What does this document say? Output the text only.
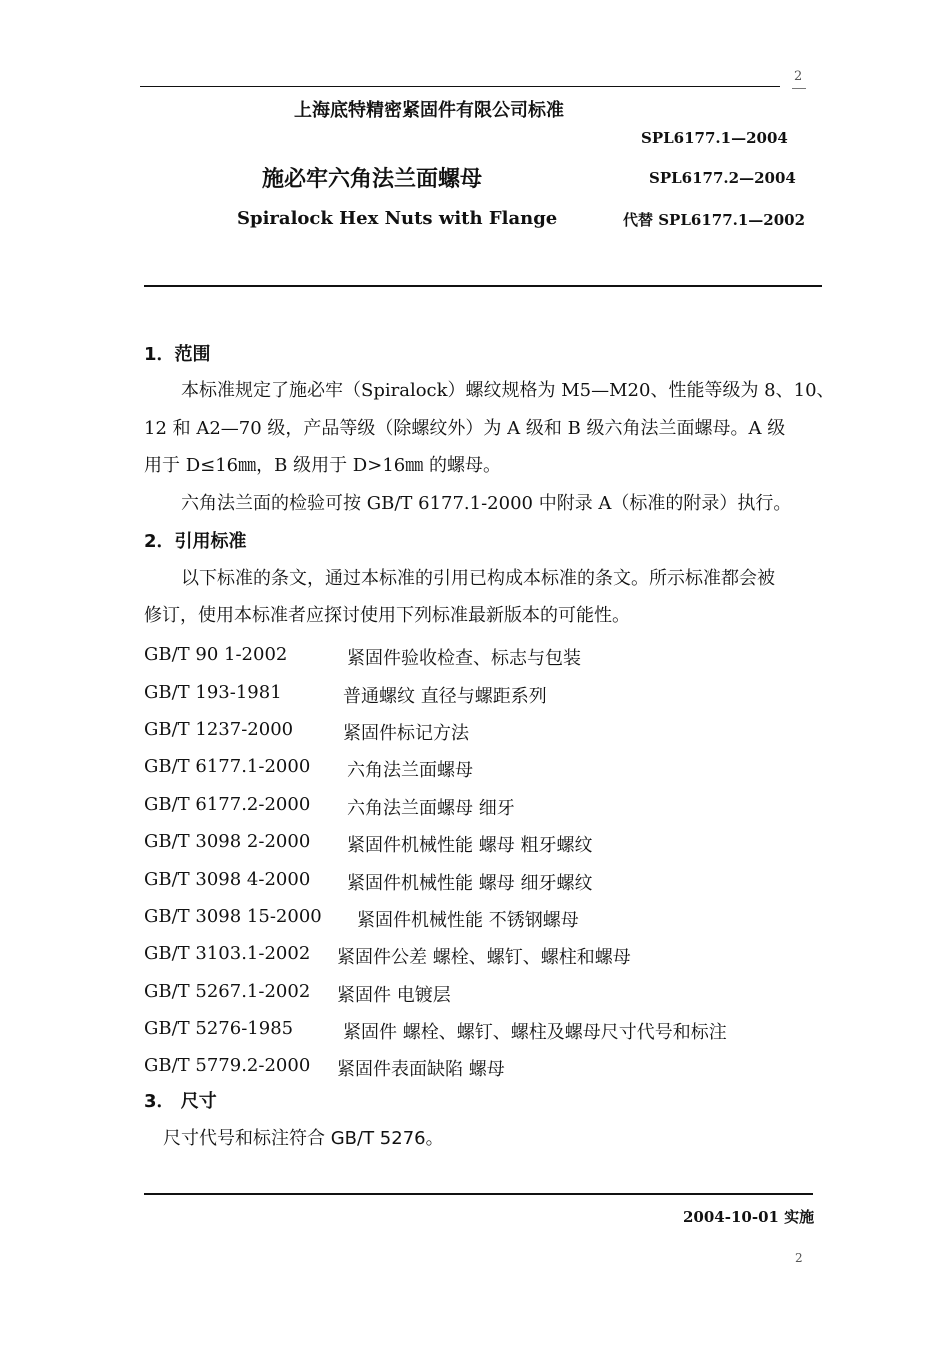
2
上海底特精密紧固件有限公司标准
SPL6177.1—2004
施必牢六角法兰面螺母	SPL6177.2—2004
Spiralock Hex Nuts with Flange	代替 SPL6177.1—2002
1．范围
本标准规定了施必牢（Spiralock）螺纹规格为 M5—M20、性能等级为 8、10、
12 和 A2—70 级，产品等级（除螺纹外）为 A 级和 B 级六角法兰面螺母。A 级
用于 D≤16㎜，B 级用于 D>16㎜ 的螺母。
六角法兰面的检验可按 GB/T 6177.1-2000 中附录 A（标准的附录）执行。
2．引用标准
以下标准的条文，通过本标准的引用已构成本标准的条文。所示标准都会被
修订，使用本标准者应探讨使用下列标准最新版本的可能性。
GB/T 90 1-2002	紧固件验收检查、标志与包装
GB/T 193-1981	普通螺纹 直径与螺距系列
GB/T 1237-2000	紧固件标记方法
GB/T 6177.1-2000 六角法兰面螺母
GB/T 6177.2-2000 六角法兰面螺母 细牙
GB/T 3098 2-2000 紧固件机械性能 螺母 粗牙螺纹
GB/T 3098 4-2000 紧固件机械性能 螺母 细牙螺纹
GB/T 3098 15-2000 紧固件机械性能 不锈钢螺母
GB/T 3103.1-2002 紧固件公差 螺栓、螺钉、螺柱和螺母
GB/T 5267.1-2002 紧固件 电镀层
GB/T 5276-1985	紧固件 螺栓、螺钉、螺柱及螺母尺寸代号和标注
GB/T 5779.2-2000 紧固件表面缺陷 螺母
3． 尺寸
尺寸代号和标注符合 GB/T 5276。
2004-10-01 实施
2
